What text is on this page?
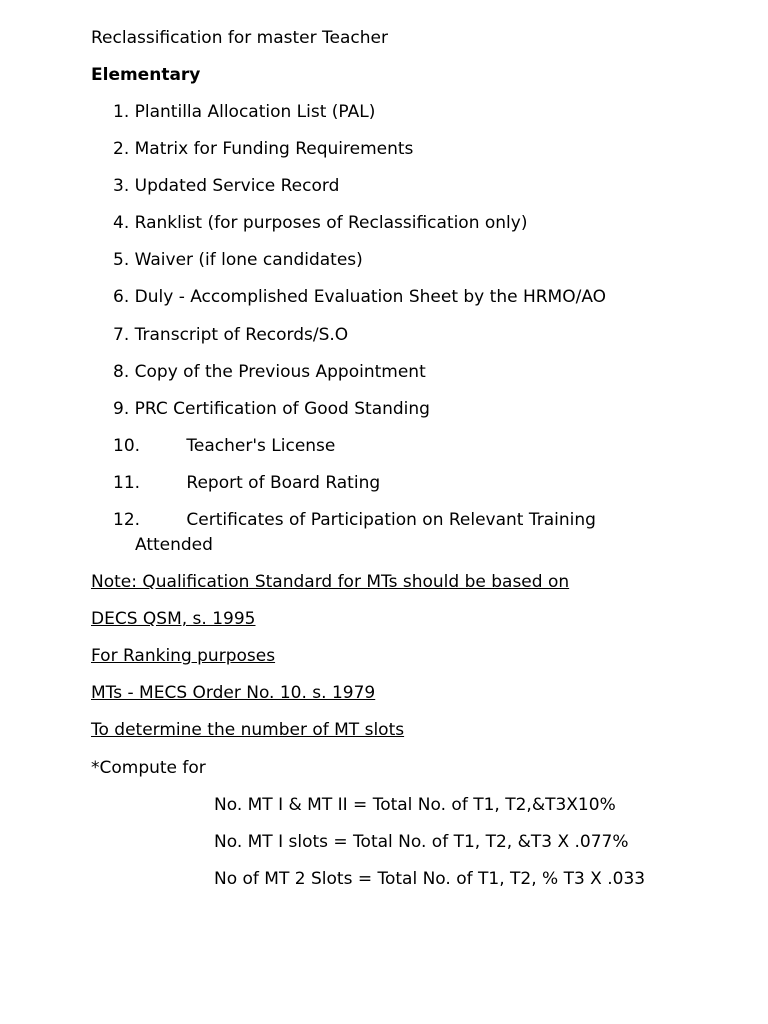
Reclassification for master Teacher
Elementary
1. Plantilla Allocation List (PAL)
2. Matrix for Funding Requirements
3. Updated Service Record
4. Ranklist (for purposes of Reclassification only)
5. Waiver (if lone candidates)
6. Duly - Accomplished Evaluation Sheet by the HRMO/AO
7. Transcript of Records/S.O
8. Copy of the Previous Appointment
9. PRC Certification of Good Standing
10.	Teacher's License
11.	Report of Board Rating
12.	Certificates of Participation on Relevant Training
Attended
Note: Qualification Standard for MTs should be based on
DECS QSM, s. 1995
For Ranking purposes
MTs - MECS Order No. 10. s. 1979
To determine the number of MT slots
*Compute for
No. MT I & MT II = Total No. of T1, T2,&T3X10%
No. MT I slots = Total No. of T1, T2, &T3 X .077%
No of MT 2 Slots = Total No. of T1, T2, % T3 X .033
